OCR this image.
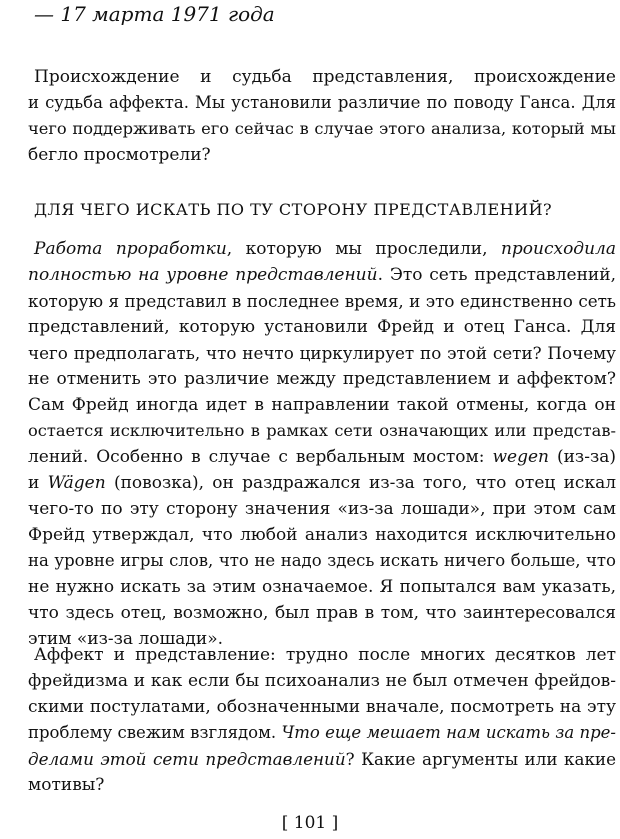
— 17 марта 1971 года
Происхождение и судьба представления, происхождение
и судьба аффекта. Мы установили различие по поводу Ганса. Для
чего поддерживать его сейчас в случае этого анализа, который мы
бегло просмотрели?
ДЛЯ ЧЕГО ИСКАТЬ ПО ТУ СТОРОНУ ПРЕДСТАВЛЕНИЙ?
Работа проработки, которую мы проследили, происходила
полностью на уровне представлений. Это сеть представлений,
которую я представил в последнее время, и это единственно сеть
представлений, которую установили Фрейд и отец Ганса. Для
чего предполагать, что нечто циркулирует по этой сети? Почему
не отменить это различие между представлением и аффектом?
Сам Фрейд иногда идет в направлении такой отмены, когда он
остается исключительно в рамках сети означающих или представ-
лений. Особенно в случае с вербальным мостом: wegen (из-за)
и Wägen (повозка), он раздражался из-за того, что отец искал
чего-то по эту сторону значения «из-за лошади», при этом сам
Фрейд утверждал, что любой анализ находится исключительно
на уровне игры слов, что не надо здесь искать ничего больше, что
не нужно искать за этим означаемое. Я попытался вам указать,
что здесь отец, возможно, был прав в том, что заинтересовался
этим «из-за лошади».
Аффект и представление: трудно после многих десятков лет
фрейдизма и как если бы психоанализ не был отмечен фрейдов-
скими постулатами, обозначенными вначале, посмотреть на эту
проблему свежим взглядом. Что еще мешает нам искать за пре-
делами этой сети представлений? Какие аргументы или какие
мотивы?
[ 101 ]
